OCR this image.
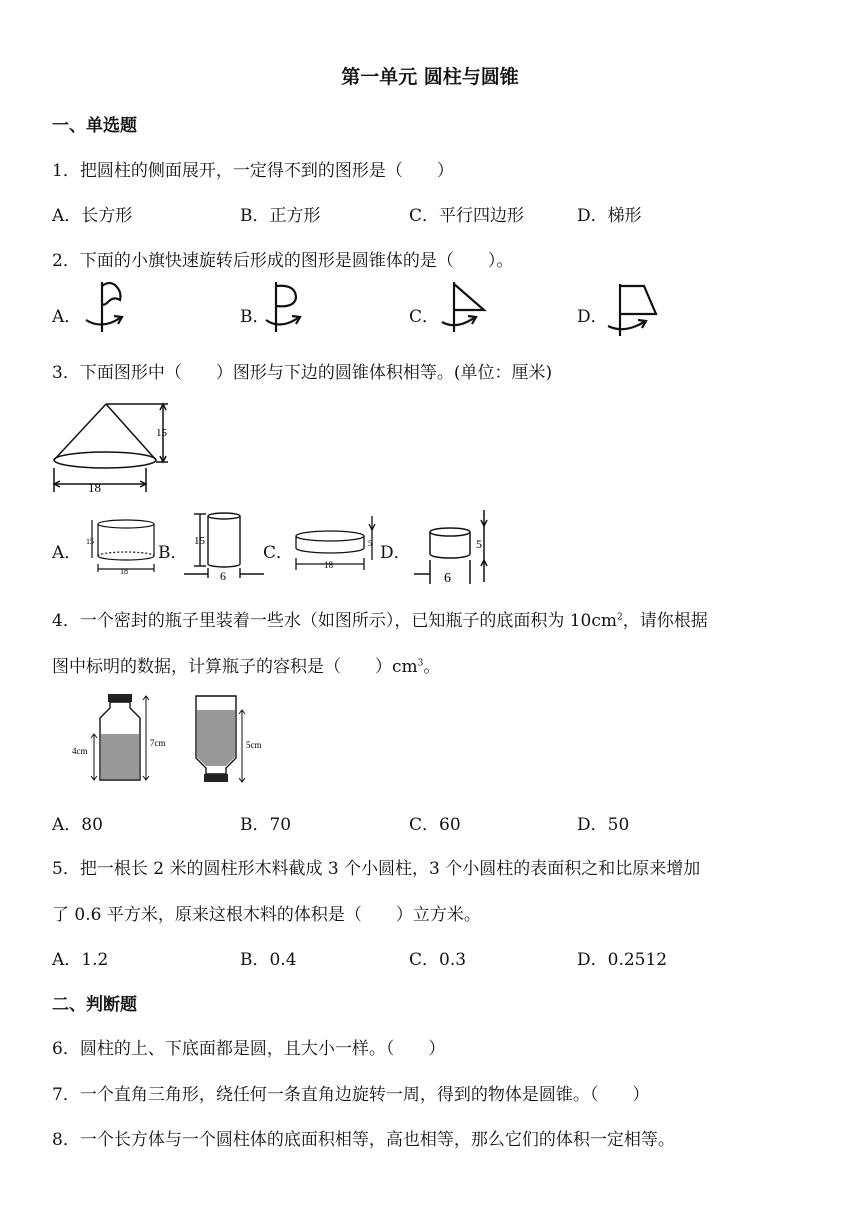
第一单元 圆柱与圆锥
一、单选题
1．把圆柱的侧面展开，一定得不到的图形是（　　）
A．长方形	B．正方形	C．平行四边形	D．梯形
2．下面的小旗快速旋转后形成的图形是圆锥体的是（　　）。
A．	B．	C．	D．
3．下面图形中（　　）图形与下边的圆锥体积相等。(单位：厘米)
15
18
A．
15
18
B．
15
6
C．	5
18
D．	5
6
4．一个密封的瓶子里装着一些水（如图所示），已知瓶子的底面积为 $10cm^2$，请你根据
图中标明的数据，计算瓶子的容积是（　　）$cm^3$。
4cm
7cm	5cm
A．80	B．70	C．60	D．50
5．把一根长 2 米的圆柱形木料截成 3 个小圆柱，3 个小圆柱的表面积之和比原来增加
了 0.6 平方米，原来这根木料的体积是（　　）立方米。
A．1.2	B．0.4	C．0.3	D．0.2512
二、判断题
6．圆柱的上、下底面都是圆，且大小一样。（　　）
7．一个直角三角形，绕任何一条直角边旋转一周，得到的物体是圆锥。（　　）
8．一个长方体与一个圆柱体的底面积相等，高也相等，那么它们的体积一定相等。
